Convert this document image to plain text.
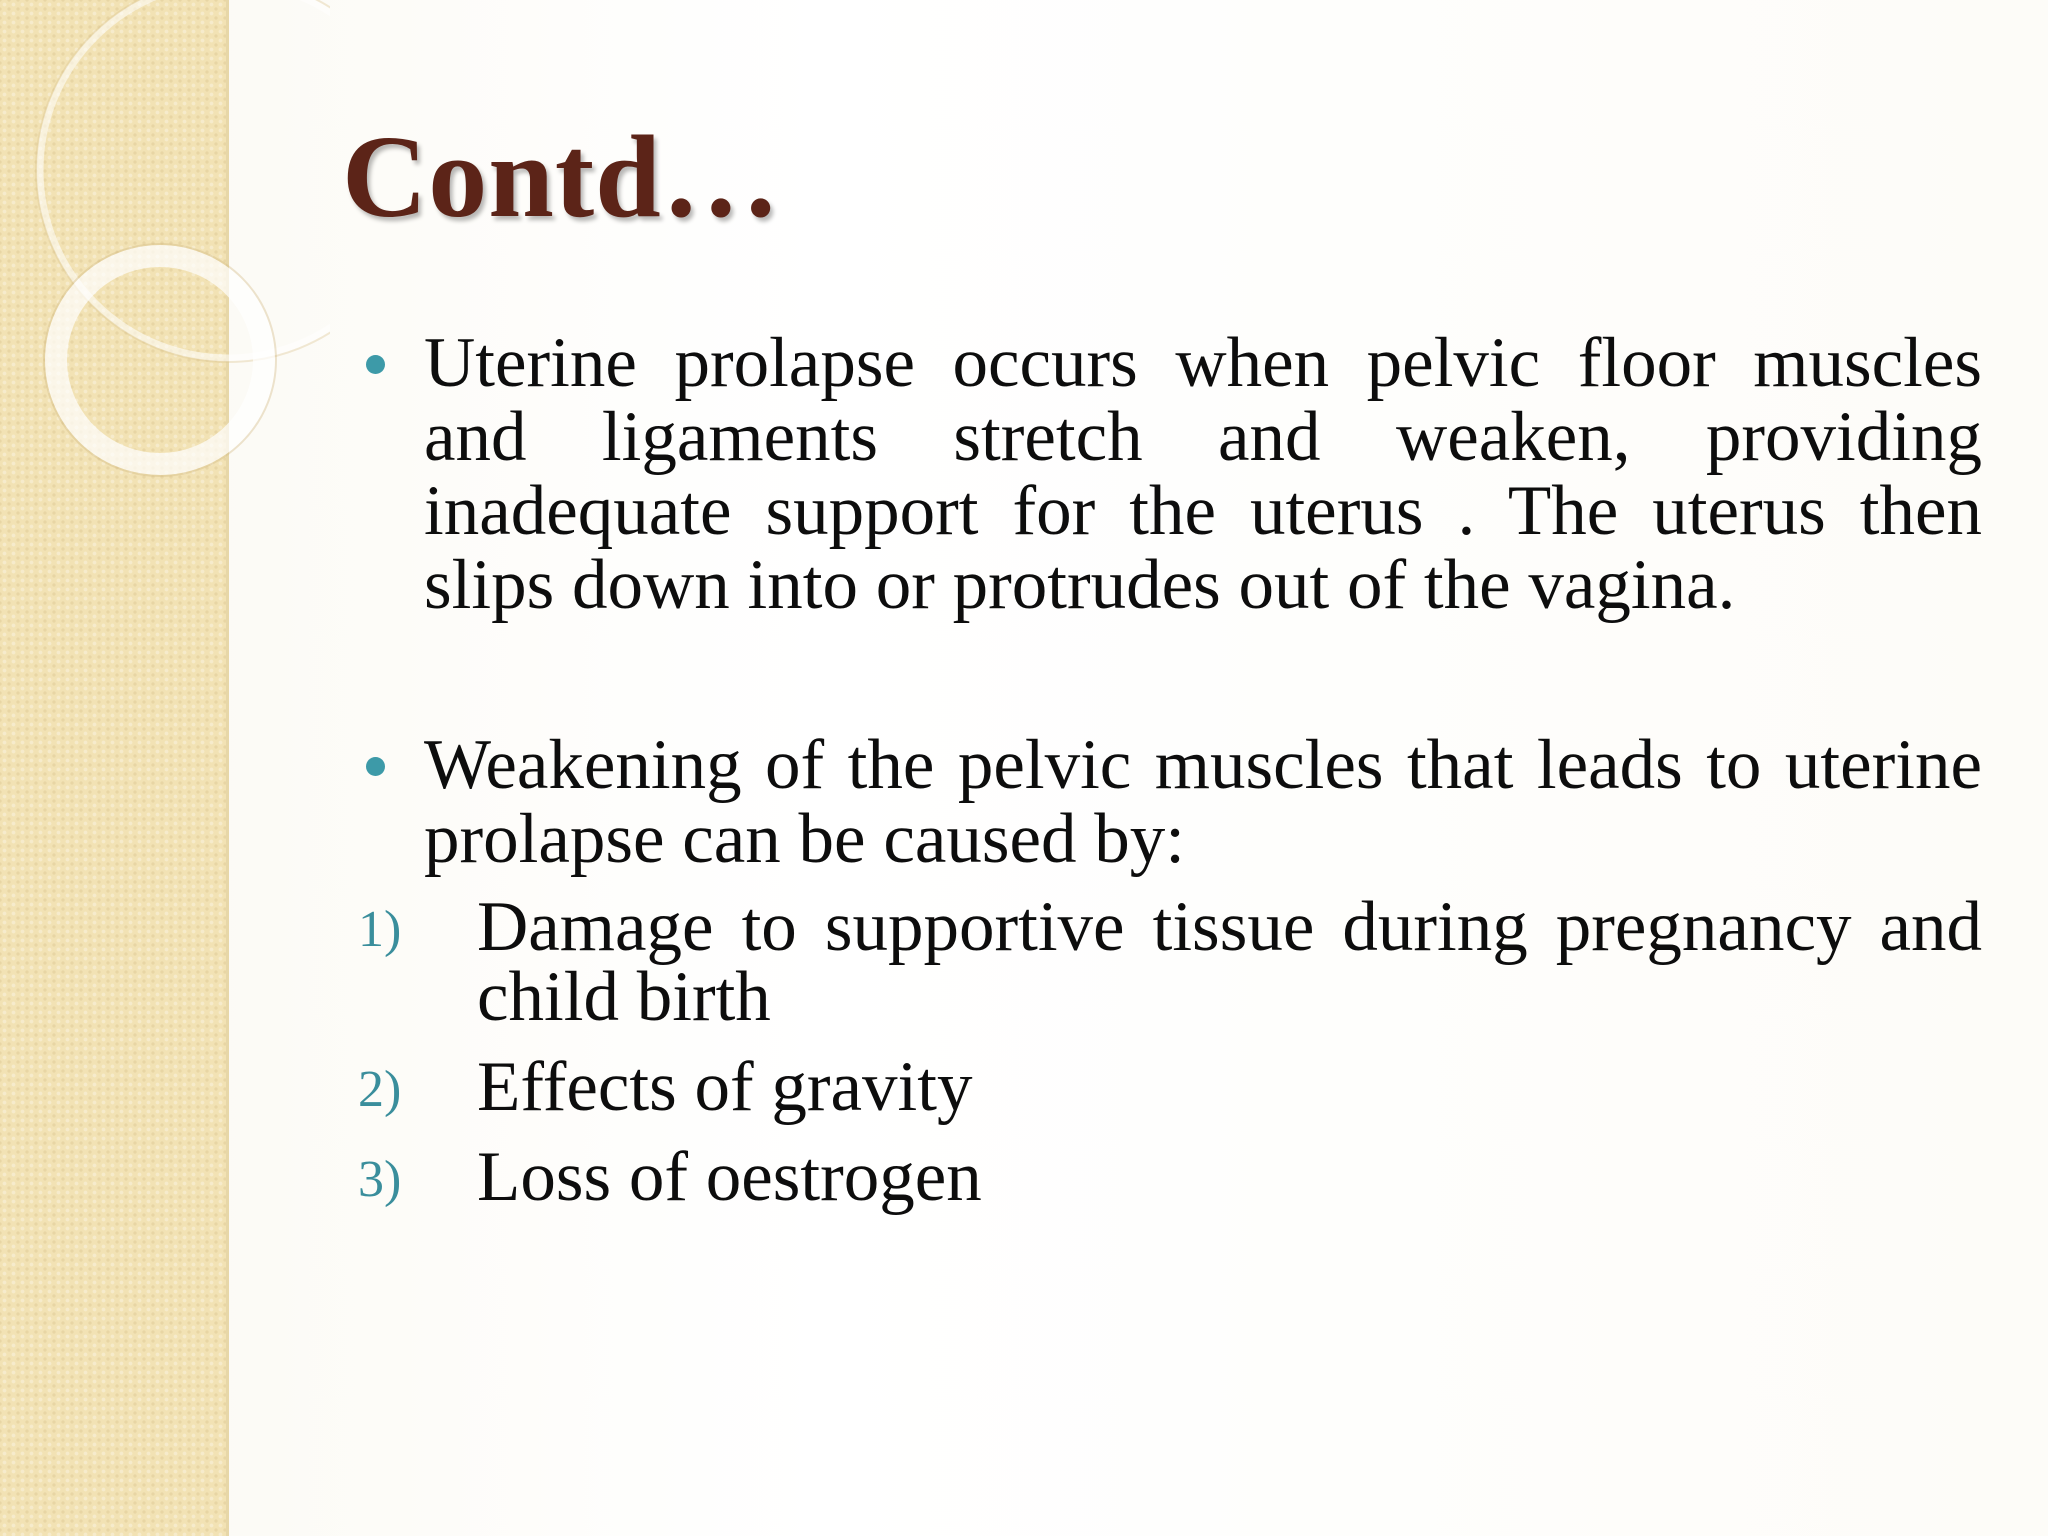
Contd…
Uterine prolapse occurs when pelvic floor muscles and ligaments stretch and weaken, providing inadequate support for the uterus . The uterus then slips down into or protrudes out of the vagina.
Weakening of the pelvic muscles that leads to uterine prolapse can be caused by:
1) Damage to supportive tissue during pregnancy and child birth
2) Effects of gravity
3) Loss of oestrogen
